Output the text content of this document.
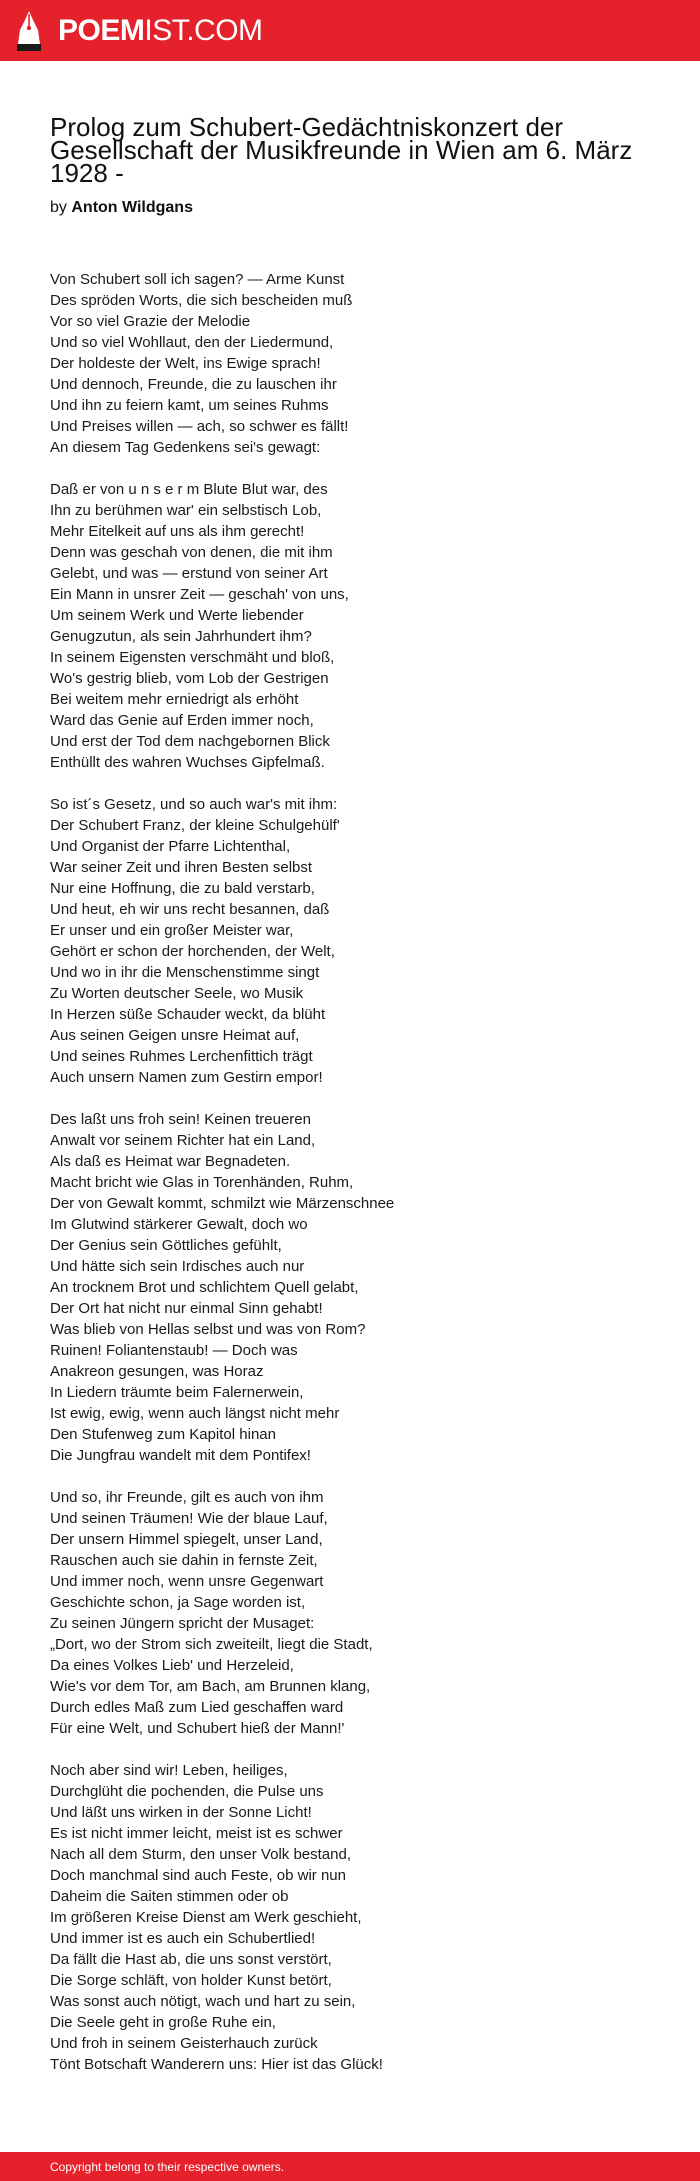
POEMIST.COM
Prolog zum Schubert-Gedächtniskonzert der Gesellschaft der Musikfreunde in Wien am 6. März 1928 -
by Anton Wildgans
Von Schubert soll ich sagen? — Arme Kunst
Des spröden Worts, die sich bescheiden muß
Vor so viel Grazie der Melodie
Und so viel Wohllaut, den der Liedermund,
Der holdeste der Welt, ins Ewige sprach!
Und dennoch, Freunde, die zu lauschen ihr
Und ihn zu feiern kamt, um seines Ruhms
Und Preises willen — ach, so schwer es fällt!
An diesem Tag Gedenkens sei's gewagt:
Daß er von u n s e r m Blute Blut war, des
Ihn zu berühmen war' ein selbstisch Lob,
Mehr Eitelkeit auf uns als ihm gerecht!
Denn was geschah von denen, die mit ihm
Gelebt, und was — erstund von seiner Art
Ein Mann in unsrer Zeit — geschah' von uns,
Um seinem Werk und Werte liebender
Genugzutun, als sein Jahrhundert ihm?
In seinem Eigensten verschmäht und bloß,
Wo's gestrig blieb, vom Lob der Gestrigen
Bei weitem mehr erniedrigt als erhöht
Ward das Genie auf Erden immer noch,
Und erst der Tod dem nachgebornen Blick
Enthüllt des wahren Wuchses Gipfelmaß.
So ist´s Gesetz, und so auch war's mit ihm:
Der Schubert Franz, der kleine Schulgehülf'
Und Organist der Pfarre Lichtenthal,
War seiner Zeit und ihren Besten selbst
Nur eine Hoffnung, die zu bald verstarb,
Und heut, eh wir uns recht besannen, daß
Er unser und ein großer Meister war,
Gehört er schon der horchenden, der Welt,
Und wo in ihr die Menschenstimme singt
Zu Worten deutscher Seele, wo Musik
In Herzen süße Schauder weckt, da blüht
Aus seinen Geigen unsre Heimat auf,
Und seines Ruhmes Lerchenfittich trägt
Auch unsern Namen zum Gestirn empor!
Des laßt uns froh sein! Keinen treueren
Anwalt vor seinem Richter hat ein Land,
Als daß es Heimat war Begnadeten.
Macht bricht wie Glas in Torenhänden, Ruhm,
Der von Gewalt kommt, schmilzt wie Märzenschnee
Im Glutwind stärkerer Gewalt, doch wo
Der Genius sein Göttliches gefühlt,
Und hätte sich sein Irdisches auch nur
An trocknem Brot und schlichtem Quell gelabt,
Der Ort hat nicht nur einmal Sinn gehabt!
Was blieb von Hellas selbst und was von Rom?
Ruinen! Foliantenstaub! — Doch was
Anakreon gesungen, was Horaz
In Liedern träumte beim Falernerwein,
Ist ewig, ewig, wenn auch längst nicht mehr
Den Stufenweg zum Kapitol hinan
Die Jungfrau wandelt mit dem Pontifex!
Und so, ihr Freunde, gilt es auch von ihm
Und seinen Träumen! Wie der blaue Lauf,
Der unsern Himmel spiegelt, unser Land,
Rauschen auch sie dahin in fernste Zeit,
Und immer noch, wenn unsre Gegenwart
Geschichte schon, ja Sage worden ist,
Zu seinen Jüngern spricht der Musaget:
„Dort, wo der Strom sich zweiteilt, liegt die Stadt,
Da eines Volkes Lieb' und Herzeleid,
Wie's vor dem Tor, am Bach, am Brunnen klang,
Durch edles Maß zum Lied geschaffen ward
Für eine Welt, und Schubert hieß der Mann!'
Noch aber sind wir! Leben, heiliges,
Durchglüht die pochenden, die Pulse uns
Und läßt uns wirken in der Sonne Licht!
Es ist nicht immer leicht, meist ist es schwer
Nach all dem Sturm, den unser Volk bestand,
Doch manchmal sind auch Feste, ob wir nun
Daheim die Saiten stimmen oder ob
Im größeren Kreise Dienst am Werk geschieht,
Und immer ist es auch ein Schubertlied!
Da fällt die Hast ab, die uns sonst verstört,
Die Sorge schläft, von holder Kunst betört,
Was sonst auch nötigt, wach und hart zu sein,
Die Seele geht in große Ruhe ein,
Und froh in seinem Geisterhauch zurück
Tönt Botschaft Wanderern uns: Hier ist das Glück!
Copyright belong to their respective owners.
